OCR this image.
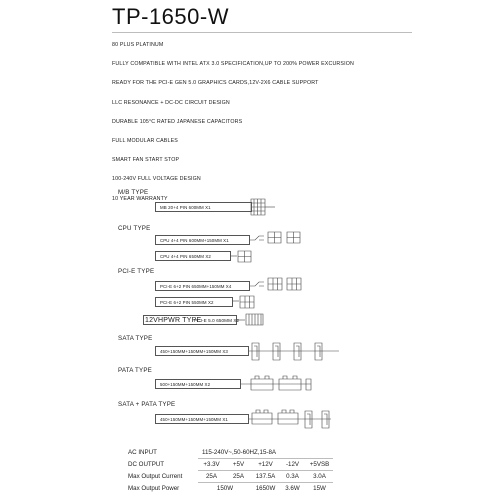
TP-1650-W
80 PLUS PLATINUM
FULLY COMPATIBLE WITH INTEL ATX 3.0 SPECIFICATION,UP TO 200% POWER EXCURSION
READY FOR THE PCI-E GEN 5.0 GRAPHICS CARDS,12V-2X6 CABLE SUPPORT
LLC RESONANCE + DC-DC CIRCUIT DESIGN
DURABLE 105°C RATED JAPANESE CAPACITORS
FULL MODULAR CABLES
SMART FAN START STOP
100-240V FULL VOLTAGE DESIGN
10 YEAR WARRANTY
M/B TYPE
MB 20+4 PIN 600MM X1
CPU TYPE
CPU 4+4 PIN 600MM+150MM X1
CPU 4+4 PIN 650MM X2
PCI-E TYPE
PCI-E 6+2 PIN 650MM+150MM X4
PCI-E 6+2 PIN 550MM X2
12VHPWR TYPE
PCI-E 5.0 650MM X2
SATA TYPE
450+150MM+150MM+150MM X3
PATA TYPE
500+150MM+150MM X2
SATA + PATA TYPE
450+150MM+150MM+150MM X1
AC INPUT	115-240V~,50-60HZ,15-8A				
DC OUTPUT	+3.3V	+5V	+12V	-12V	+5VSB
Max Output Current	25A	25A	137.5A	0.3A	3.0A
Max Output Power	150W		1650W	3.6W	15W
